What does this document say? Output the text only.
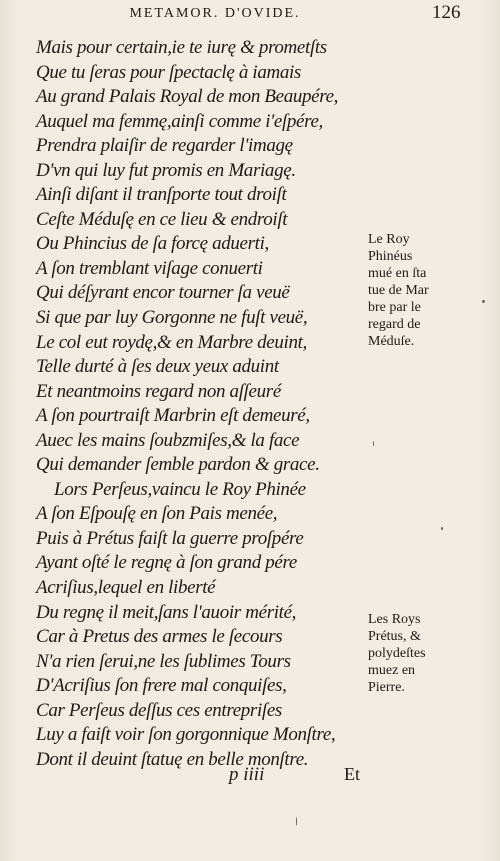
METAMOR. D'OVIDE.	126
Mais pour certain,ie te iurę & prometſts
Que tu ſeras pour ſpectaclę à iamais
Au grand Palais Royal de mon Beaupére,
Auquel ma femmę,ainſi comme i'eſpére,
Prendra plaiſir de regarder l'imagę
D'vn qui luy fut promis en Mariagę.
Ainſi diſant il tranſporte tout droiſt
Ceſte Méduſę en ce lieu & endroiſt
Ou Phincius de ſa forcę aduerti,
A ſon tremblant viſage conuerti
Qui déſyrant encor tourner ſa veuë
Si que par luy Gorgonne ne fuſt veuë,
Le col eut roydę,& en Marbre deuint,
Telle durté à ſes deux yeux aduint
Et neantmoins regard non aſſeuré
A ſon pourtraiſt Marbrin eſt demeuré,
Auec les mains ſoubzmiſes,& la face
Qui demander ſemble pardon & grace.
Lors Perſeus,vaincu le Roy Phinée
A ſon Eſpouſę en ſon Pais menée,
Puis à Prétus faiſt la guerre proſpére
Ayant oſté le regnę à ſon grand pére
Acriſius,lequel en liberté
Du regnę il meit,ſans l'auoir mérité,
Car à Pretus des armes le ſecours
N'a rien ſerui,ne les ſublimes Tours
D'Acriſius ſon frere mal conquiſes,
Car Perſeus deſſus ces entrepriſes
Luy a faiſt voir ſon gorgonnique Monſtre,
Dont il deuint ſtatuę en belle monſtre.
Le Roy
Phinéus
mué en ſta
tue de Mar
bre par le
regard de
Méduſe.
Les Roys
Prétus, &
polydeſtes
muez en
Pierre.
p iiii	Et
